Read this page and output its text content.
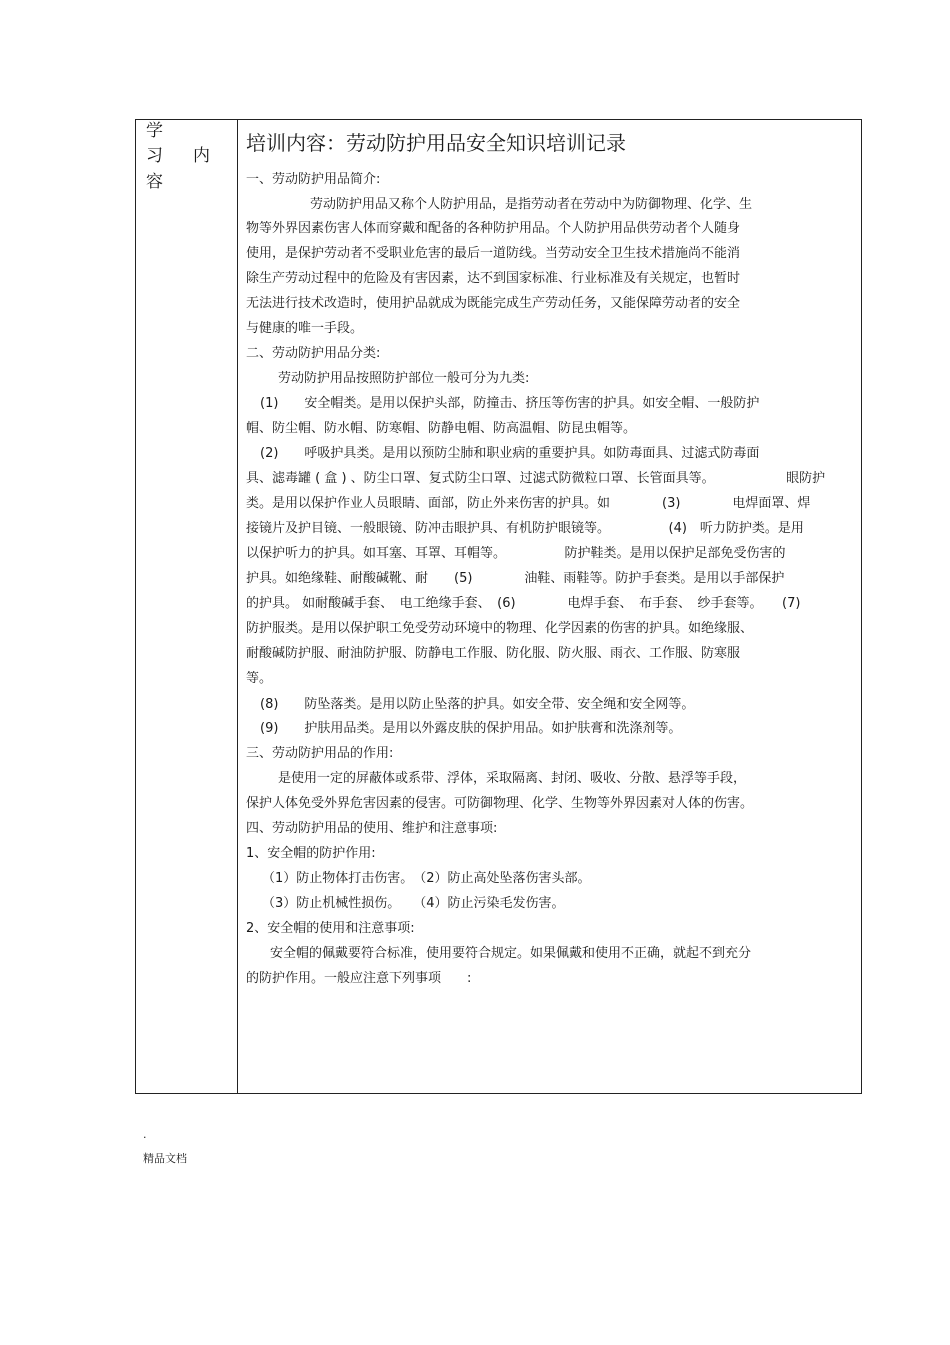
学
习 内
容
培训内容：劳动防护用品安全知识培训记录
一、劳动防护用品简介:
劳动防护用品又称个人防护用品，是指劳动者在劳动中为防御物理、化学、生
物等外界因素伤害人体而穿戴和配备的各种防护用品。个人防护用品供劳动者个人随身
使用，是保护劳动者不受职业危害的最后一道防线。当劳动安全卫生技术措施尚不能消
除生产劳动过程中的危险及有害因素，达不到国家标准、行业标准及有关规定，也暂时
无法进行技术改造时，使用护品就成为既能完成生产劳动任务，又能保障劳动者的安全
与健康的唯一手段。
二、劳动防护用品分类:
劳动防护用品按照防护部位一般可分为九类:
(1)　　安全帽类。是用以保护头部，防撞击、挤压等伤害的护具。如安全帽、一般防护
帽、防尘帽、防水帽、防寒帽、防静电帽、防高温帽、防昆虫帽等。
(2)　　呼吸护具类。是用以预防尘肺和职业病的重要护具。如防毒面具、过滤式防毒面
具、滤毒罐 ( 盒 ) 、防尘口罩、复式防尘口罩、过滤式防微粒口罩、长管面具等。　　　　　　眼防护
类。是用以保护作业人员眼睛、面部，防止外来伤害的护具。如　　　　(3)　　　　电焊面罩、焊
接镜片及护目镜、一般眼镜、防冲击眼护具、有机防护眼镜等。　　　　　(4)　听力防护类。是用
以保护听力的护具。如耳塞、耳罩、耳帽等。　　　　　防护鞋类。是用以保护足部免受伤害的
护具。如绝缘鞋、耐酸碱靴、耐　　(5)　　　　油鞋、雨鞋等。防护手套类。是用以手部保护
的护具。 如耐酸碱手套、　电工绝缘手套、　(6)　　　　电焊手套、　布手套、　纱手套等。　　(7)
防护服类。是用以保护职工免受劳动环境中的物理、化学因素的伤害的护具。如绝缘服、
耐酸碱防护服、耐油防护服、防静电工作服、防化服、防火服、雨衣、工作服、防寒服
等。
(8)　　防坠落类。是用以防止坠落的护具。如安全带、安全绳和安全网等。
(9)　　护肤用品类。是用以外露皮肤的保护用品。如护肤膏和洗涤剂等。
三、劳动防护用品的作用:
是使用一定的屏蔽体或系带、浮体，采取隔离、封闭、吸收、分散、悬浮等手段，
保护人体免受外界危害因素的侵害。可防御物理、化学、生物等外界因素对人体的伤害。
四、劳动防护用品的使用、维护和注意事项:
1、安全帽的防护作用:
（1）防止物体打击伤害。　（2）防止高处坠落伤害头部。
（3）防止机械性损伤。　　（4）防止污染毛发伤害。
2、安全帽的使用和注意事项:
安全帽的佩戴要符合标准，使用要符合规定。如果佩戴和使用不正确，就起不到充分
的防护作用。一般应注意下列事项　　:
.
精品文档
